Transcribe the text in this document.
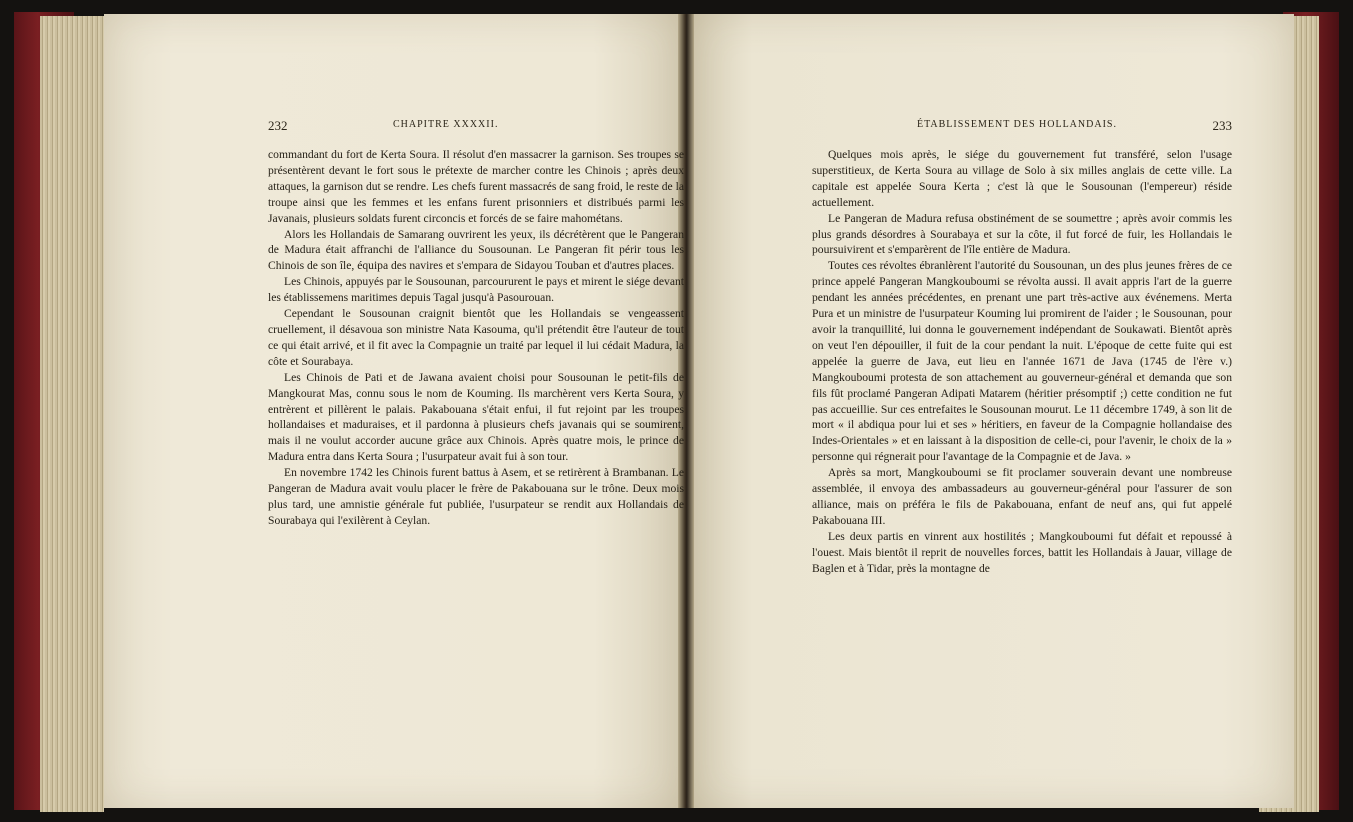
232	CHAPITRE XXXXII.

commandant du fort de Kerta Soura. Il résolut d'en massacrer la garnison. Ses troupes se présentèrent devant le fort sous le prétexte de marcher contre les Chinois ; après deux attaques, la garnison dut se rendre. Les chefs furent massacrés de sang froid, le reste de la troupe ainsi que les femmes et les enfans furent prisonniers et distribués parmi les Javanais, plusieurs soldats furent circoncis et forcés de se faire mahométans.

Alors les Hollandais de Samarang ouvrirent les yeux, ils décrétèrent que le Pangeran de Madura était affranchi de l'alliance du Sousounan. Le Pangeran fit périr tous les Chinois de son île, équipa des navires et s'empara de Sidayou Touban et d'autres places.

Les Chinois, appuyés par le Sousounan, parcoururent le pays et mirent le siége devant les établissemens maritimes depuis Tagal jusqu'à Pasourouan.

Cependant le Sousounan craignit bientôt que les Hollandais se vengeassent cruellement, il désavoua son ministre Nata Kasouma, qu'il prétendit être l'auteur de tout ce qui était arrivé, et il fit avec la Compagnie un traité par lequel il lui cédait Madura, la côte et Sourabaya.

Les Chinois de Pati et de Jawana avaient choisi pour Sousounan le petit-fils de Mangkourat Mas, connu sous le nom de Kouming. Ils marchèrent vers Kerta Soura, y entrèrent et pillèrent le palais. Pakabouana s'était enfui, il fut rejoint par les troupes hollandaises et maduraises, et il pardonna à plusieurs chefs javanais qui se soumirent, mais il ne voulut accorder aucune grâce aux Chinois. Après quatre mois, le prince de Madura entra dans Kerta Soura ; l'usurpateur avait fui à son tour.

En novembre 1742 les Chinois furent battus à Asem, et se retirèrent à Brambanan. Le Pangeran de Madura avait voulu placer le frère de Pakabouana sur le trône. Deux mois plus tard, une amnistie générale fut publiée, l'usurpateur se rendit aux Hollandais de Sourabaya qui l'exilèrent à Ceylan.

ÉTABLISSEMENT DES HOLLANDAIS.	233

Quelques mois après, le siége du gouvernement fut transféré, selon l'usage superstitieux, de Kerta Soura au village de Solo à six milles anglais de cette ville. La capitale est appelée Soura Kerta ; c'est là que le Sousounan (l'empereur) réside actuellement.

Le Pangeran de Madura refusa obstinément de se soumettre ; après avoir commis les plus grands désordres à Sourabaya et sur la côte, il fut forcé de fuir, les Hollandais le poursuivirent et s'emparèrent de l'île entière de Madura.

Toutes ces révoltes ébranlèrent l'autorité du Sousounan, un des plus jeunes frères de ce prince appelé Pangeran Mangkouboumi se révolta aussi. Il avait appris l'art de la guerre pendant les années précédentes, en prenant une part très-active aux événemens. Merta Pura et un ministre de l'usurpateur Kouming lui promirent de l'aider ; le Sousounan, pour avoir la tranquillité, lui donna le gouvernement indépendant de Soukawati. Bientôt après on veut l'en dépouiller, il fuit de la cour pendant la nuit. L'époque de cette fuite qui est appelée la guerre de Java, eut lieu en l'année 1671 de Java (1745 de l'ère v.) Mangkouboumi protesta de son attachement au gouverneur-général et demanda que son fils fût proclamé Pangeran Adipati Matarem (héritier présomptif ;) cette condition ne fut pas accueillie. Sur ces entrefaites le Sousounan mourut. Le 11 décembre 1749, à son lit de mort « il abdiqua pour lui et ses » héritiers, en faveur de la Compagnie hollandaise des Indes-Orientales » et en laissant à la disposition de celle-ci, pour l'avenir, le choix de la » personne qui régnerait pour l'avantage de la Compagnie et de Java. »

Après sa mort, Mangkouboumi se fit proclamer souverain devant une nombreuse assemblée, il envoya des ambassadeurs au gouverneur-général pour l'assurer de son alliance, mais on préféra le fils de Pakabouana, enfant de neuf ans, qui fut appelé Pakabouana III.

Les deux partis en vinrent aux hostilités ; Mangkouboumi fut défait et repoussé à l'ouest. Mais bientôt il reprit de nouvelles forces, battit les Hollandais à Jauar, village de Baglen et à Tidar, près la montagne de
